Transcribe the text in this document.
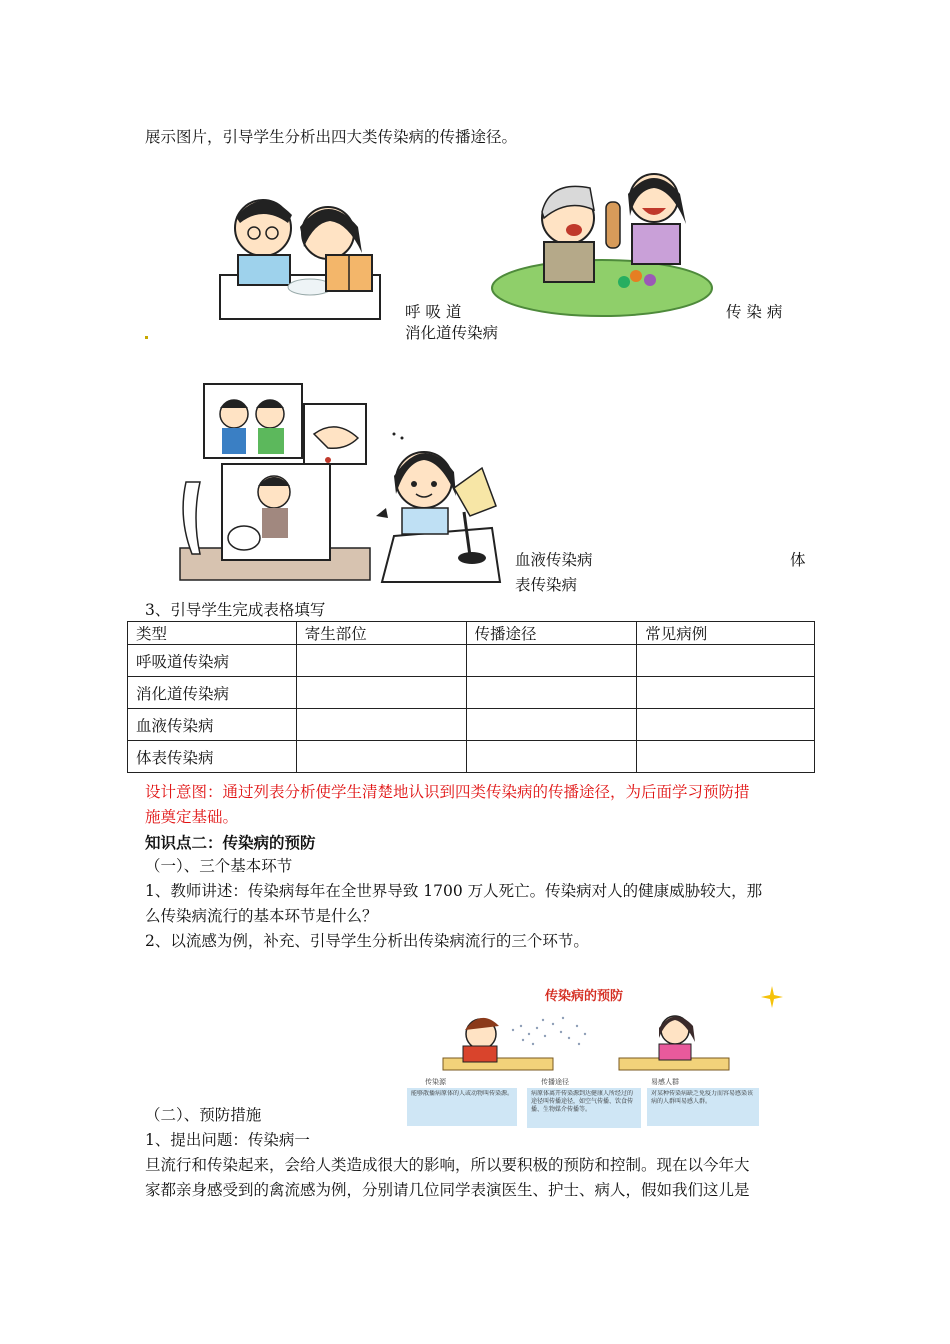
展示图片，引导学生分析出四大类传染病的传播途径。
呼 吸 道	传 染 病
消化道传染病
血液传染病	体
表传染病
3、引导学生完成表格填写
类型	寄生部位	传播途径	常见病例
呼吸道传染病			
消化道传染病			
血液传染病			
体表传染病			
设计意图：通过列表分析使学生清楚地认识到四类传染病的传播途径，为后面学习预防措
施奠定基础。
知识点二：传染病的预防
（一）、三个基本环节
1、教师讲述：传染病每年在全世界导致 1700 万人死亡。传染病对人的健康威胁较大，那
么传染病流行的基本环节是什么？
2、以流感为例，补充、引导学生分析出传染病流行的三个环节。
传染病的预防
传染源	传播途径	易感人群
能够散播病原体的人或动物叫传染源。	病原体离开传染源到达健康人所经过的途径叫传播途径，如空气传播、饮食传播、生物媒介传播等。
对某种传染病缺乏免疫力而容易感染该病的人群叫易感人群。
（二）、预防措施
1、提出问题：传染病一
旦流行和传染起来，会给人类造成很大的影响，所以要积极的预防和控制。现在以今年大
家都亲身感受到的禽流感为例，分别请几位同学表演医生、护士、病人，假如我们这儿是
